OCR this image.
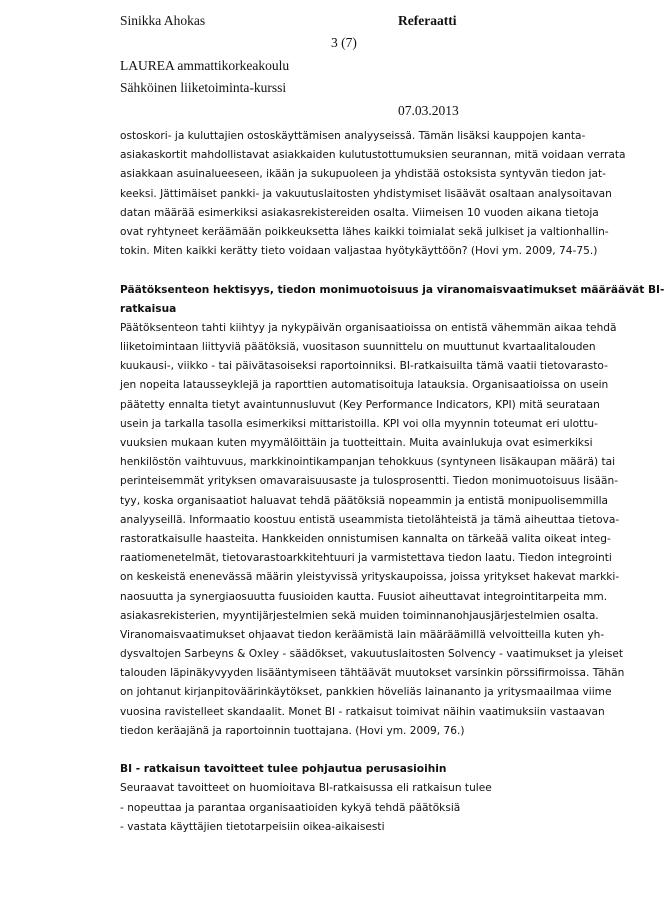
Sinikka Ahokas	Referaatti
3 (7)
LAUREA ammattikorkeakoulu
Sähköinen liiketoiminta-kurssi
07.03.2013
ostoskori- ja kuluttajien ostoskäyttämisen analyyseissä. Tämän lisäksi kauppojen kanta-
asiakaskortit mahdollistavat asiakkaiden kulutustottumuksien seurannan, mitä voidaan verrata
asiakkaan asuinalueeseen, ikään ja sukupuoleen ja yhdistää ostoksista syntyvän tiedon jat-
keeksi. Jättimäiset pankki- ja vakuutuslaitosten yhdistymiset lisäävät osaltaan analysoitavan
datan määrää esimerkiksi asiakasrekistereiden osalta. Viimeisen 10 vuoden aikana tietoja
ovat ryhtyneet keräämään poikkeuksetta lähes kaikki toimialat sekä julkiset ja valtionhallin-
tokin. Miten kaikki kerätty tieto voidaan valjastaa hyötykäyttöön? (Hovi ym. 2009, 74-75.)
Päätöksenteon hektisyys, tiedon monimuotoisuus ja viranomaisvaatimukset määräävät BI-
ratkaisua
Päätöksenteon tahti kiihtyy ja nykypäivän organisaatioissa on entistä vähemmän aikaa tehdä
liiketoimintaan liittyviä päätöksiä, vuositason suunnittelu on muuttunut kvartaalitalouden
kuukausi-, viikko - tai päivätasoiseksi raportoinniksi. BI-ratkaisuilta tämä vaatii tietovarasto-
jen nopeita latausseyklejä ja raporttien automatisoituja latauksia. Organisaatioissa on usein
päätetty ennalta tietyt avaintunnusluvut (Key Performance Indicators, KPI) mitä seurataan
usein ja tarkalla tasolla esimerkiksi mittaristoilla. KPI voi olla myynnin toteumat eri ulottu-
vuuksien mukaan kuten myymälöittäin ja tuotteittain. Muita avainlukuja ovat esimerkiksi
henkilöstön vaihtuvuus, markkinointikampanjan tehokkuus (syntyneen lisäkaupan määrä) tai
perinteisemmät yrityksen omavaraisuusaste ja tulosprosentti. Tiedon monimuotoisuus lisään-
tyy, koska organisaatiot haluavat tehdä päätöksiä nopeammin ja entistä monipuolisemmilla
analyyseillä. Informaatio koostuu entistä useammista tietolähteistä ja tämä aiheuttaa tietova-
rastoratkaisulle haasteita. Hankkeiden onnistumisen kannalta on tärkeää valita oikeat integ-
raatiomenetelmät, tietovarastoarkkitehtuuri ja varmistettava tiedon laatu. Tiedon integrointi
on keskeistä enenevässä määrin yleistyvissä yrityskaupoissa, joissa yritykset hakevat markki-
naosuutta ja synergiaosuutta fuusioiden kautta. Fuusiot aiheuttavat integrointitarpeita mm.
asiakasrekisterien, myyntijärjestelmien sekä muiden toiminnanohjausjärjestelmien osalta.
Viranomaisvaatimukset ohjaavat tiedon keräämistä lain määräämillä velvoitteilla kuten yh-
dysvaltojen Sarbeyns & Oxley - säädökset, vakuutuslaitosten Solvency - vaatimukset ja yleiset
talouden läpinäkyvyyden lisääntymiseen tähtäävät muutokset varsinkin pörssifirmoissa. Tähän
on johtanut kirjanpitoväärinkäytökset, pankkien höveliäs lainananto ja yritysmaailmaa viime
vuosina ravistelleet skandaalit. Monet BI - ratkaisut toimivat näihin vaatimuksiin vastaavan
tiedon keräajänä ja raportoinnin tuottajana. (Hovi ym. 2009, 76.)
BI - ratkaisun tavoitteet tulee pohjautua perusasioihin
Seuraavat tavoitteet on huomioitava BI-ratkaisussa eli ratkaisun tulee
- nopeuttaa ja parantaa organisaatioiden kykyä tehdä päätöksiä
- vastata käyttäjien tietotarpeisiin oikea-aikaisesti
